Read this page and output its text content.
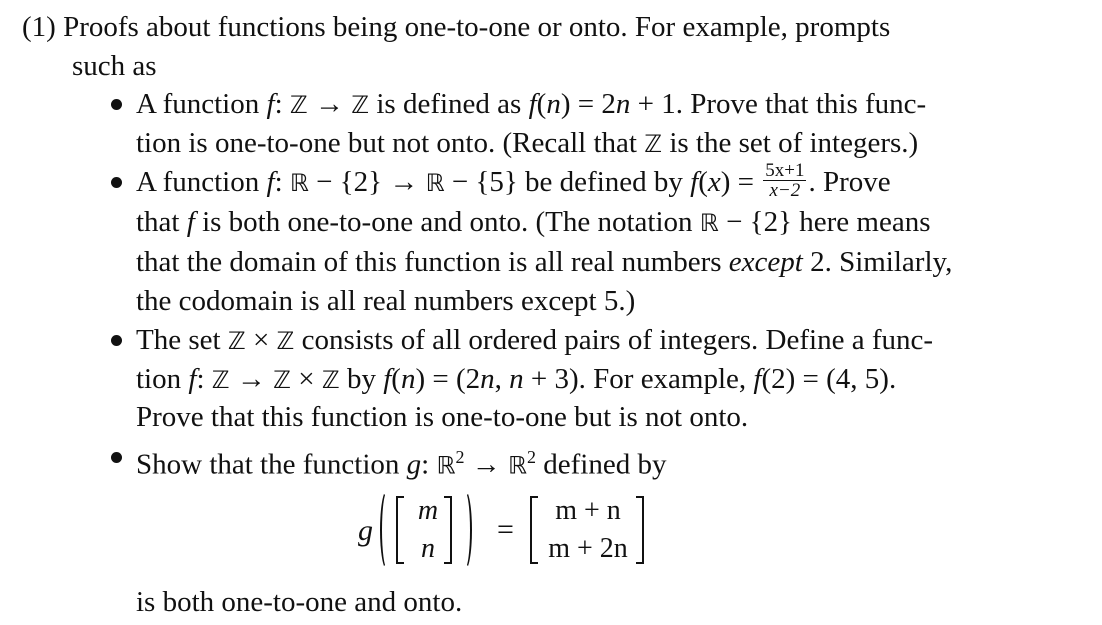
(1) Proofs about functions being one-to-one or onto. For example, prompts
such as
A function f: ℤ → ℤ is defined as f(n) = 2n + 1. Prove that this func-
tion is one-to-one but not onto. (Recall that ℤ is the set of integers.)
A function f: ℝ − {2} → ℝ − {5} be defined by $f(x) = \frac{5x+1}{x-2}$ . Prove
that f is both one-to-one and onto. (The notation ℝ − {2} here means
that the domain of this function is all real numbers except 2. Similarly,
the codomain is all real numbers except 5.)
The set ℤ × ℤ consists of all ordered pairs of integers. Define a func-
tion f: ℤ → ℤ × ℤ by f(n) = (2n, n + 3). For example, f(2) = (4, 5).
Prove that this function is one-to-one but is not onto.
Show that the function g: ℝ$^2$ → ℝ$^2$ defined by
g
m
n
=
m + n
m + 2n
is both one-to-one and onto.
